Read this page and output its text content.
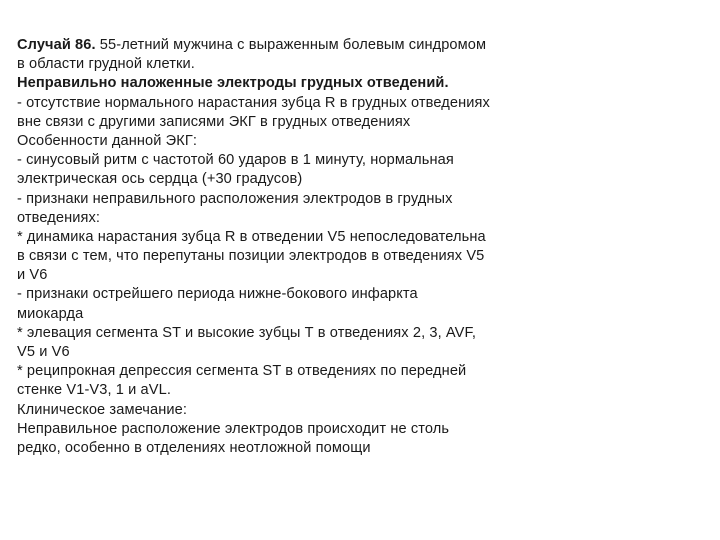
Случай 86. 55-летний мужчина с выраженным болевым синдромом
в области грудной клетки.
Неправильно наложенные электроды грудных отведений.
- отсутствие нормального нарастания зубца R в грудных отведениях
вне связи с другими записями ЭКГ в грудных отведениях
Особенности данной ЭКГ:
- синусовый ритм с частотой 60 ударов в 1 минуту, нормальная
электрическая ось сердца (+30 градусов)
- признаки неправильного расположения электродов в грудных
отведениях:
* динамика нарастания зубца R в отведении V5 непоследовательна
в связи с тем, что перепутаны позиции электродов в отведениях V5
и V6
- признаки острейшего периода нижне-бокового инфаркта
миокарда
* элевация сегмента ST и высокие зубцы Т в отведениях 2, 3, AVF,
V5 и V6
* реципрокная депрессия сегмента ST в отведениях по передней
стенке V1-V3, 1 и aVL.
Клиническое замечание:
Неправильное расположение электродов происходит не столь
редко, особенно в отделениях неотложной помощи
